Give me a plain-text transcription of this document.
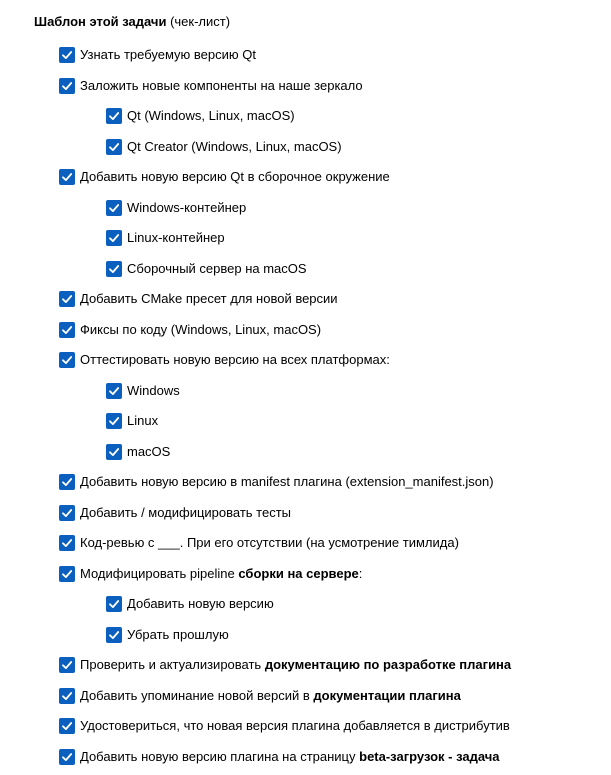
Шаблон этой задачи (чек-лист)
Узнать требуемую версию Qt
Заложить новые компоненты на наше зеркало
Qt (Windows, Linux, macOS)
Qt Creator (Windows, Linux, macOS)
Добавить новую версию Qt в сборочное окружение
Windows-контейнер
Linux-контейнер
Сборочный сервер на macOS
Добавить CMake пресет для новой версии
Фиксы по коду (Windows, Linux, macOS)
Оттестировать новую версию на всех платформах:
Windows
Linux
macOS
Добавить новую версию в manifest плагина (extension_manifest.json)
Добавить / модифицировать тесты
Код-ревью с ___. При его отсутствии (на усмотрение тимлида)
Модифицировать pipeline сборки на сервере:
Добавить новую версию
Убрать прошлую
Проверить и актуализировать документацию по разработке плагина
Добавить упоминание новой версий в документации плагина
Удостовериться, что новая версия плагина добавляется в дистрибутив
Добавить новую версию плагина на страницу beta-загрузок - задача
